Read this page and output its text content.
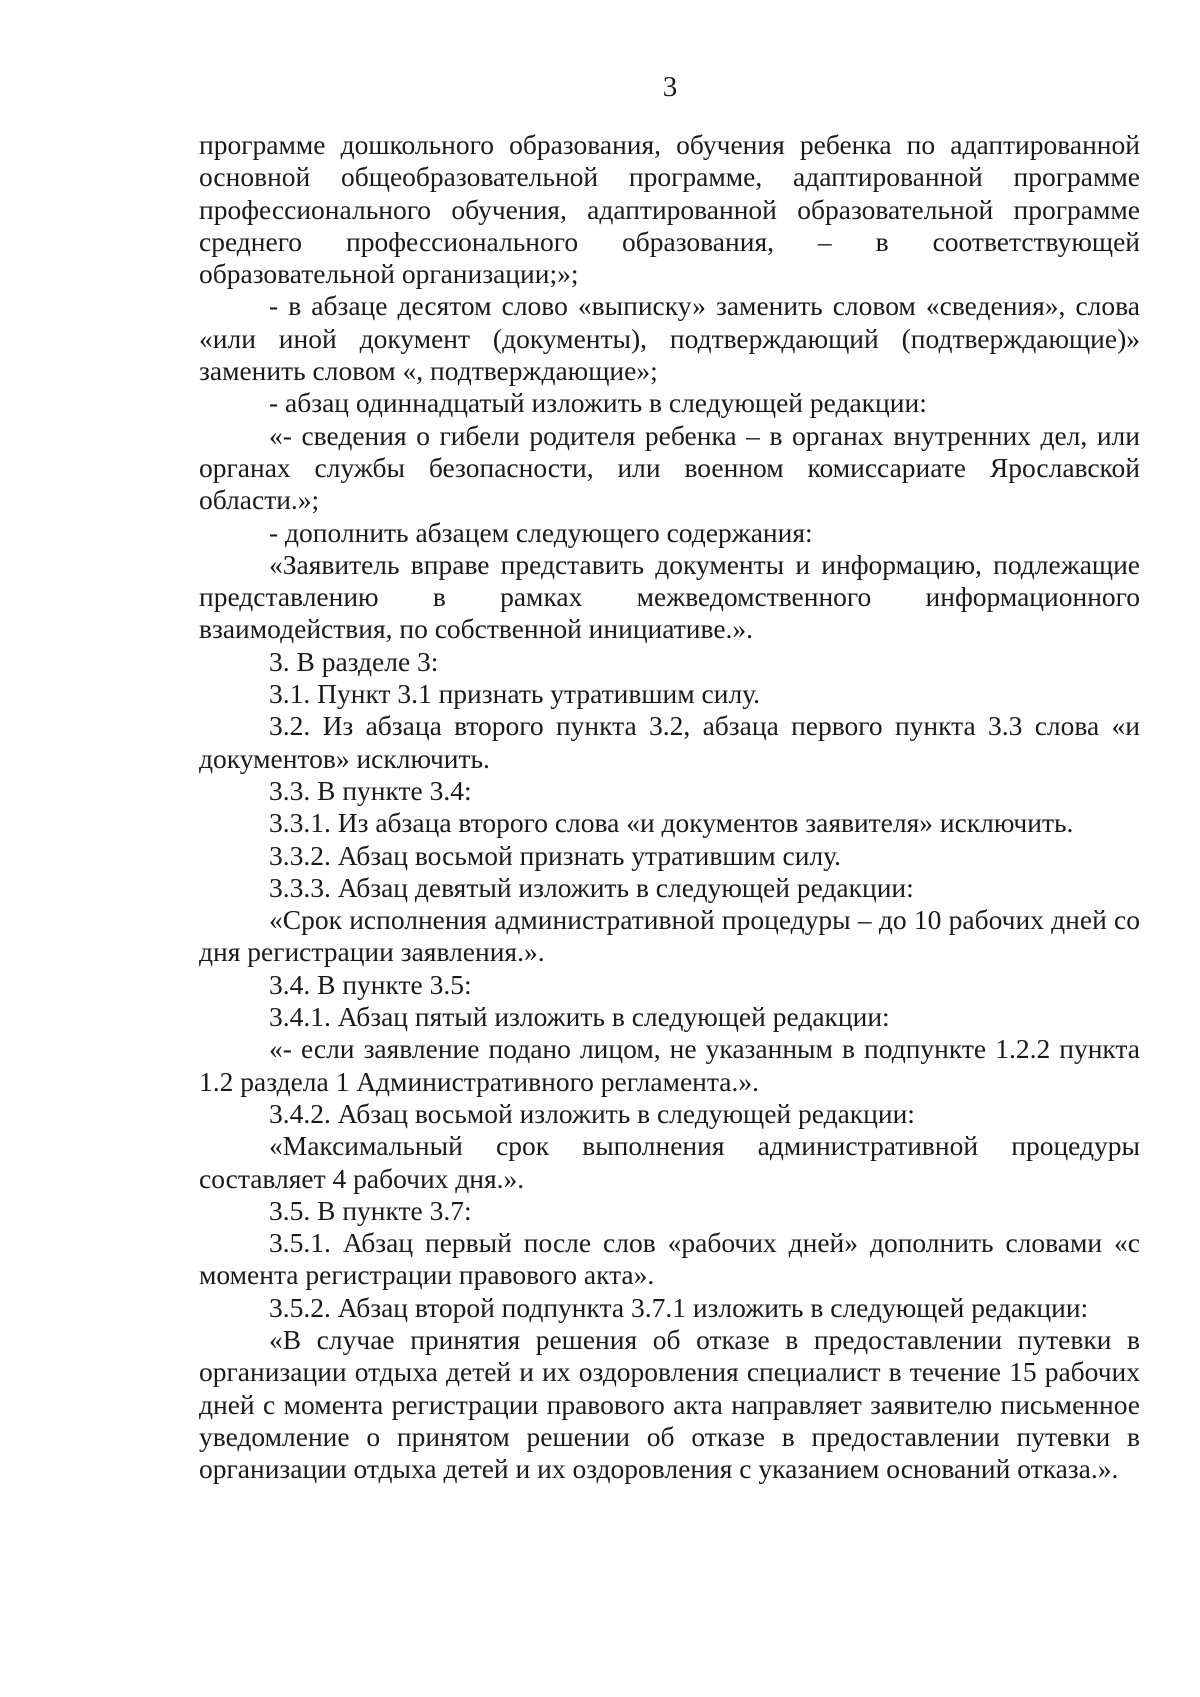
3

программе дошкольного образования, обучения ребенка по адаптированной основной общеобразовательной программе, адаптированной программе профессионального обучения, адаптированной образовательной программе среднего профессионального образования, – в соответствующей образовательной организации;»;

- в абзаце десятом слово «выписку» заменить словом «сведения», слова «или иной документ (документы), подтверждающий (подтверждающие)» заменить словом «, подтверждающие»;

- абзац одиннадцатый изложить в следующей редакции:

«- сведения о гибели родителя ребенка – в органах внутренних дел, или органах службы безопасности, или военном комиссариате Ярославской области.»;

- дополнить абзацем следующего содержания:

«Заявитель вправе представить документы и информацию, подлежащие представлению в рамках межведомственного информационного взаимодействия, по собственной инициативе.».

3. В разделе 3:

3.1. Пункт 3.1 признать утратившим силу.

3.2. Из абзаца второго пункта 3.2, абзаца первого пункта 3.3 слова «и документов» исключить.

3.3. В пункте 3.4:

3.3.1. Из абзаца второго слова «и документов заявителя» исключить.

3.3.2. Абзац восьмой признать утратившим силу.

3.3.3. Абзац девятый изложить в следующей редакции:

«Срок исполнения административной процедуры – до 10 рабочих дней со дня регистрации заявления.».

3.4. В пункте 3.5:

3.4.1. Абзац пятый изложить в следующей редакции:

«- если заявление подано лицом, не указанным в подпункте 1.2.2 пункта 1.2 раздела 1 Административного регламента.».

3.4.2. Абзац восьмой изложить в следующей редакции:

«Максимальный срок выполнения административной процедуры составляет 4 рабочих дня.».

3.5. В пункте 3.7:

3.5.1. Абзац первый после слов «рабочих дней» дополнить словами «с момента регистрации правового акта».

3.5.2. Абзац второй подпункта 3.7.1 изложить в следующей редакции:

«В случае принятия решения об отказе в предоставлении путевки в организации отдыха детей и их оздоровления специалист в течение 15 рабочих дней с момента регистрации правового акта направляет заявителю письменное уведомление о принятом решении об отказе в предоставлении путевки в организации отдыха детей и их оздоровления с указанием оснований отказа.».
